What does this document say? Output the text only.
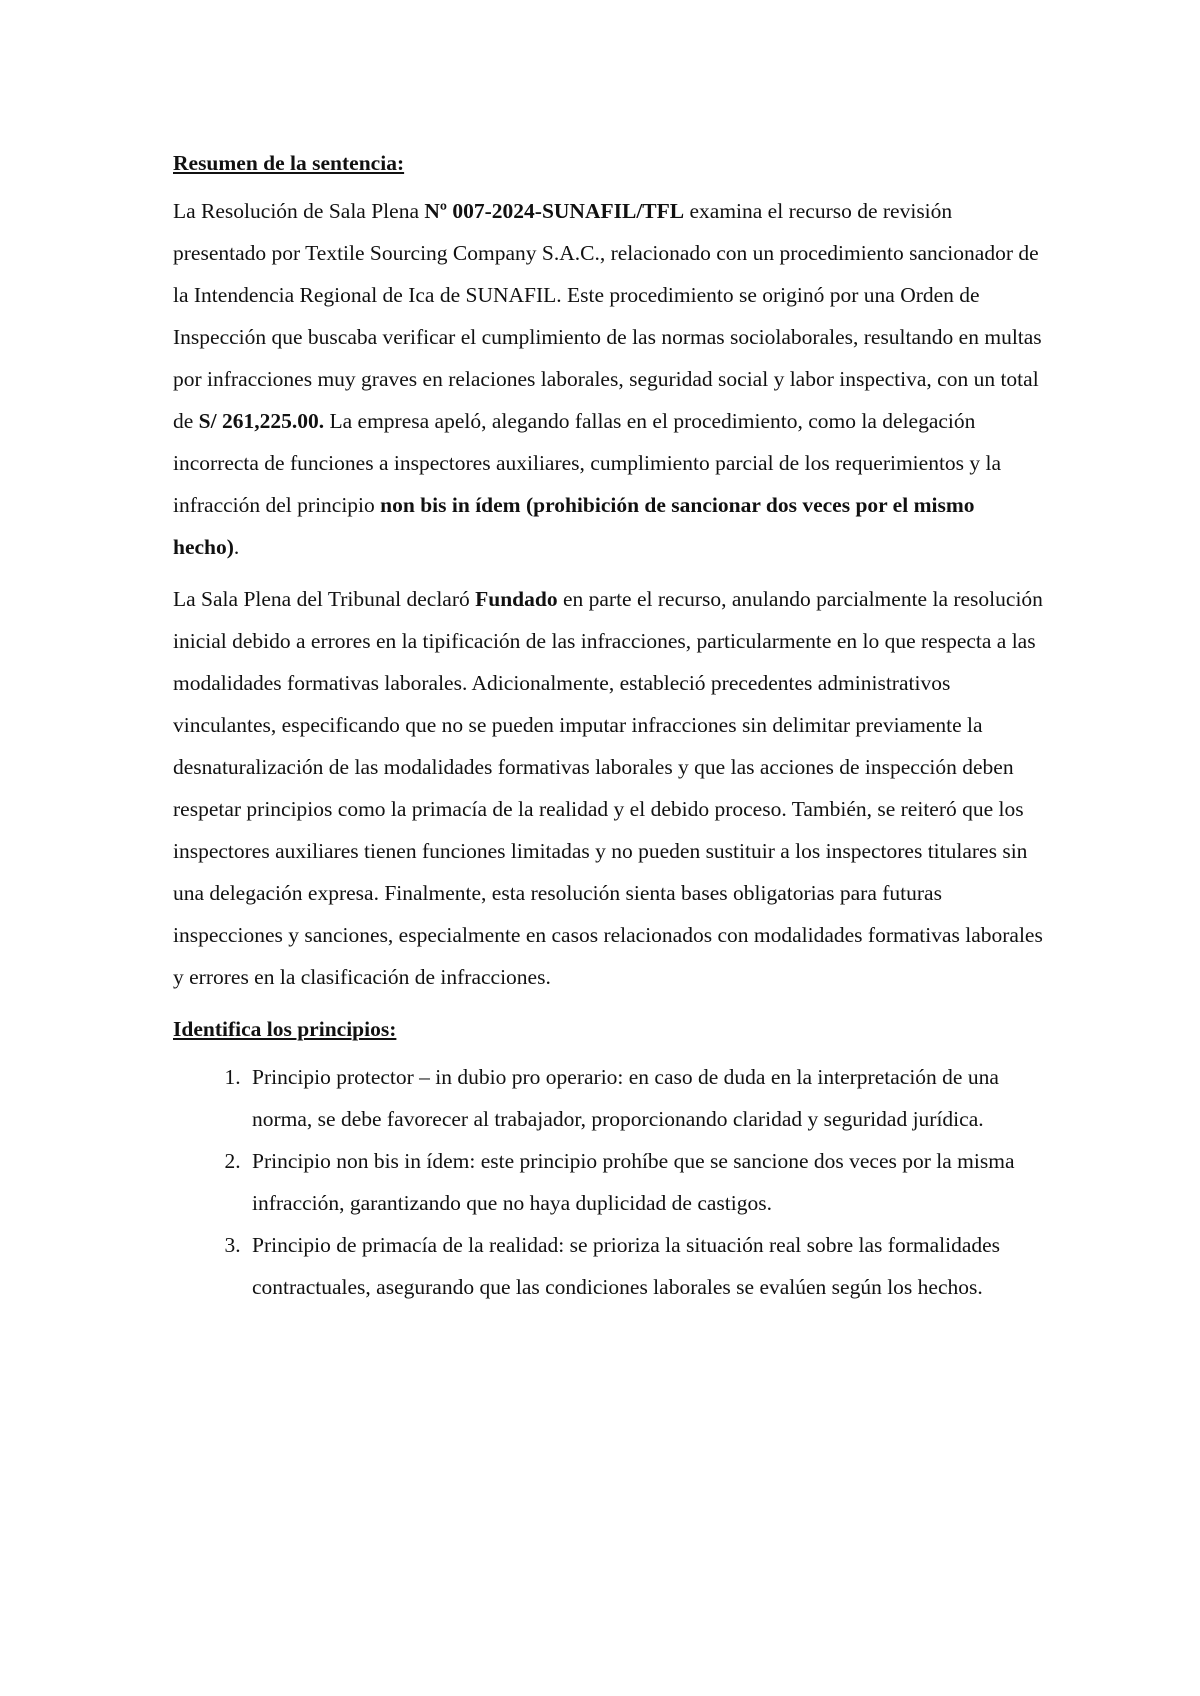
Resumen de la sentencia:

La Resolución de Sala Plena Nº 007-2024-SUNAFIL/TFL examina el recurso de revisión presentado por Textile Sourcing Company S.A.C., relacionado con un procedimiento sancionador de la Intendencia Regional de Ica de SUNAFIL. Este procedimiento se originó por una Orden de Inspección que buscaba verificar el cumplimiento de las normas sociolaborales, resultando en multas por infracciones muy graves en relaciones laborales, seguridad social y labor inspectiva, con un total de S/ 261,225.00. La empresa apeló, alegando fallas en el procedimiento, como la delegación incorrecta de funciones a inspectores auxiliares, cumplimiento parcial de los requerimientos y la infracción del principio non bis in ídem (prohibición de sancionar dos veces por el mismo hecho).

La Sala Plena del Tribunal declaró Fundado en parte el recurso, anulando parcialmente la resolución inicial debido a errores en la tipificación de las infracciones, particularmente en lo que respecta a las modalidades formativas laborales. Adicionalmente, estableció precedentes administrativos vinculantes, especificando que no se pueden imputar infracciones sin delimitar previamente la desnaturalización de las modalidades formativas laborales y que las acciones de inspección deben respetar principios como la primacía de la realidad y el debido proceso. También, se reiteró que los inspectores auxiliares tienen funciones limitadas y no pueden sustituir a los inspectores titulares sin una delegación expresa. Finalmente, esta resolución sienta bases obligatorias para futuras inspecciones y sanciones, especialmente en casos relacionados con modalidades formativas laborales y errores en la clasificación de infracciones.

Identifica los principios:
1. Principio protector – in dubio pro operario: en caso de duda en la interpretación de una norma, se debe favorecer al trabajador, proporcionando claridad y seguridad jurídica.
2. Principio non bis in ídem: este principio prohíbe que se sancione dos veces por la misma infracción, garantizando que no haya duplicidad de castigos.
3. Principio de primacía de la realidad: se prioriza la situación real sobre las formalidades contractuales, asegurando que las condiciones laborales se evalúen según los hechos.
